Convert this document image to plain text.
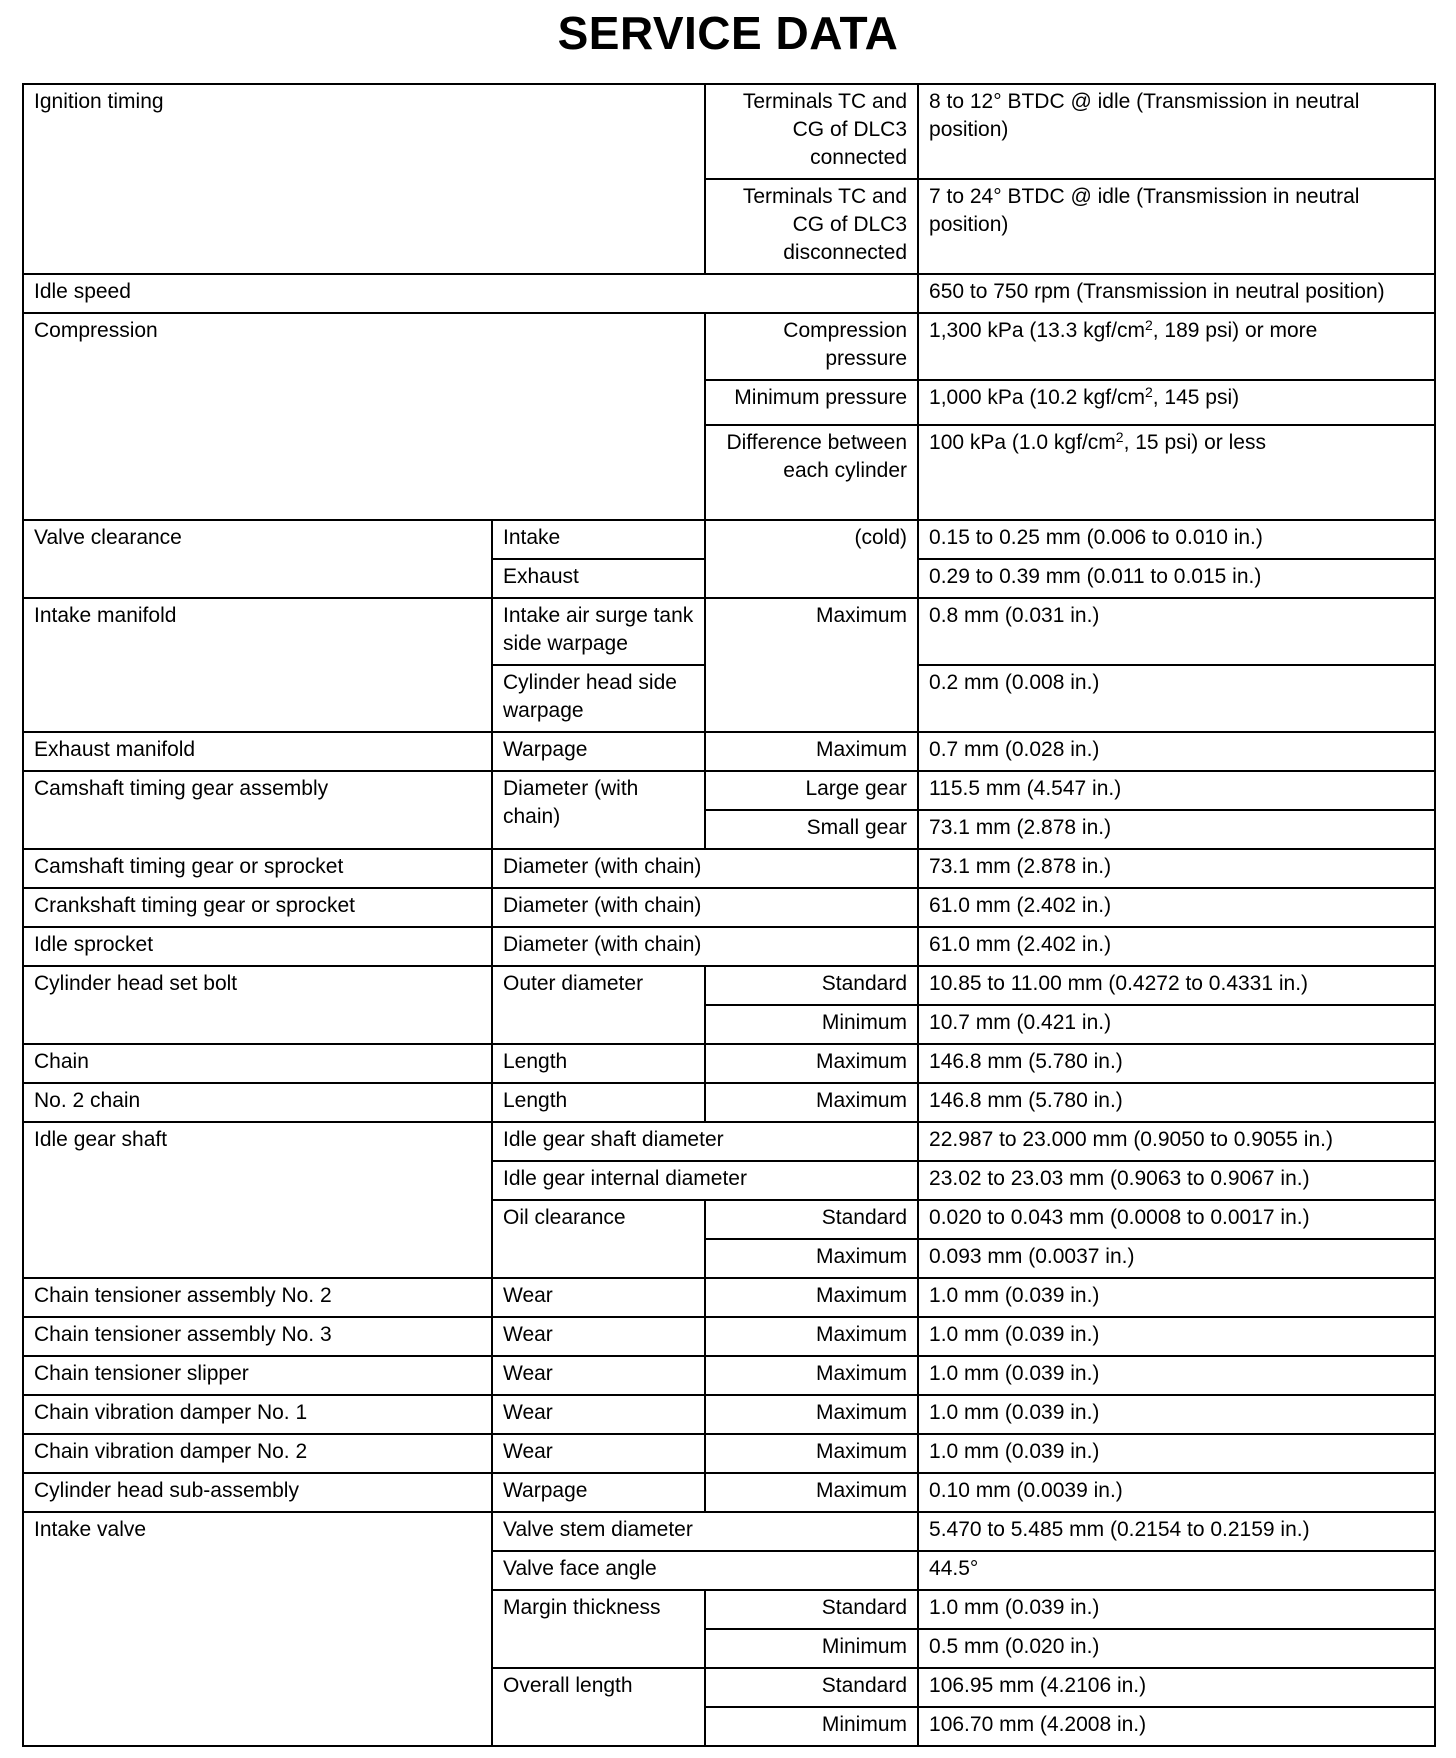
SERVICE DATA
Ignition timing		Terminals TC and CG of DLC3 connected	8 to 12° BTDC @ idle (Transmission in neutral position)
		Terminals TC and CG of DLC3 disconnected	7 to 24° BTDC @ idle (Transmission in neutral position)
Idle speed			650 to 750 rpm (Transmission in neutral position)
Compression		Compression pressure	1,300 kPa (13.3 kgf/$cm^2$, 189 psi) or more
		Minimum pressure	1,000 kPa (10.2 kgf/$cm^2$, 145 psi)
		Difference between each cylinder	100 kPa (1.0 kgf/$cm^2$, 15 psi) or less
Valve clearance	Intake	(cold)	0.15 to 0.25 mm (0.006 to 0.010 in.)
	Exhaust		0.29 to 0.39 mm (0.011 to 0.015 in.)
Intake manifold	Intake air surge tank side warpage	Maximum	0.8 mm (0.031 in.)
	Cylinder head side warpage		0.2 mm (0.008 in.)
Exhaust manifold	Warpage	Maximum	0.7 mm (0.028 in.)
Camshaft timing gear assembly	Diameter (with chain)	Large gear	115.5 mm (4.547 in.)
		Small gear	73.1 mm (2.878 in.)
Camshaft timing gear or sprocket	Diameter (with chain)		73.1 mm (2.878 in.)
Crankshaft timing gear or sprocket	Diameter (with chain)		61.0 mm (2.402 in.)
Idle sprocket	Diameter (with chain)		61.0 mm (2.402 in.)
Cylinder head set bolt	Outer diameter	Standard	10.85 to 11.00 mm (0.4272 to 0.4331 in.)
		Minimum	10.7 mm (0.421 in.)
Chain	Length	Maximum	146.8 mm (5.780 in.)
No. 2 chain	Length	Maximum	146.8 mm (5.780 in.)
Idle gear shaft	Idle gear shaft diameter		22.987 to 23.000 mm (0.9050 to 0.9055 in.)
	Idle gear internal diameter		23.02 to 23.03 mm (0.9063 to 0.9067 in.)
	Oil clearance	Standard	0.020 to 0.043 mm (0.0008 to 0.0017 in.)
		Maximum	0.093 mm (0.0037 in.)
Chain tensioner assembly No. 2	Wear	Maximum	1.0 mm (0.039 in.)
Chain tensioner assembly No. 3	Wear	Maximum	1.0 mm (0.039 in.)
Chain tensioner slipper	Wear	Maximum	1.0 mm (0.039 in.)
Chain vibration damper No. 1	Wear	Maximum	1.0 mm (0.039 in.)
Chain vibration damper No. 2	Wear	Maximum	1.0 mm (0.039 in.)
Cylinder head sub-assembly	Warpage	Maximum	0.10 mm (0.0039 in.)
Intake valve	Valve stem diameter		5.470 to 5.485 mm (0.2154 to 0.2159 in.)
	Valve face angle		44.5°
	Margin thickness	Standard	1.0 mm (0.039 in.)
		Minimum	0.5 mm (0.020 in.)
	Overall length	Standard	106.95 mm (4.2106 in.)
		Minimum	106.70 mm (4.2008 in.)
